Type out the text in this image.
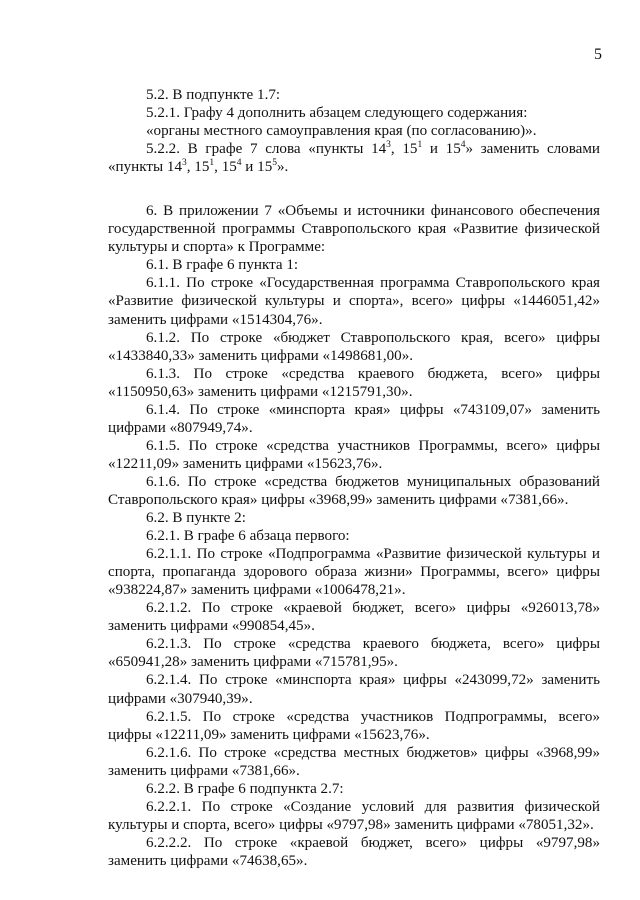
5

5.2. В подпункте 1.7:

5.2.1. Графу 4 дополнить абзацем следующего содержания:

«органы местного самоуправления края (по согласованию)».

5.2.2. В графе 7 слова «пункты $14^3$, $15^1$ и $15^4$» заменить словами «пункты $14^3$, $15^1$, $15^4$ и $15^5$».

6. В приложении 7 «Объемы и источники финансового обеспечения государственной программы Ставропольского края «Развитие физической культуры и спорта» к Программе:

6.1. В графе 6 пункта 1:

6.1.1. По строке «Государственная программа Ставропольского края «Развитие физической культуры и спорта», всего» цифры «1446051,42» заменить цифрами «1514304,76».

6.1.2. По строке «бюджет Ставропольского края, всего» цифры «1433840,33» заменить цифрами «1498681,00».

6.1.3. По строке «средства краевого бюджета, всего» цифры «1150950,63» заменить цифрами «1215791,30».

6.1.4. По строке «минспорта края» цифры «743109,07» заменить цифрами «807949,74».

6.1.5. По строке «средства участников Программы, всего» цифры «12211,09» заменить цифрами «15623,76».

6.1.6. По строке «средства бюджетов муниципальных образований Ставропольского края» цифры «3968,99» заменить цифрами «7381,66».

6.2. В пункте 2:

6.2.1. В графе 6 абзаца первого:

6.2.1.1. По строке «Подпрограмма «Развитие физической культуры и спорта, пропаганда здорового образа жизни» Программы, всего» цифры «938224,87» заменить цифрами «1006478,21».

6.2.1.2. По строке «краевой бюджет, всего» цифры «926013,78» заменить цифрами «990854,45».

6.2.1.3. По строке «средства краевого бюджета, всего» цифры «650941,28» заменить цифрами «715781,95».

6.2.1.4. По строке «минспорта края» цифры «243099,72» заменить цифрами «307940,39».

6.2.1.5. По строке «средства участников Подпрограммы, всего» цифры «12211,09» заменить цифрами «15623,76».

6.2.1.6. По строке «средства местных бюджетов» цифры «3968,99» заменить цифрами «7381,66».

6.2.2. В графе 6 подпункта 2.7:

6.2.2.1. По строке «Создание условий для развития физической культуры и спорта, всего» цифры «9797,98» заменить цифрами «78051,32».

6.2.2.2. По строке «краевой бюджет, всего» цифры «9797,98» заменить цифрами «74638,65».
